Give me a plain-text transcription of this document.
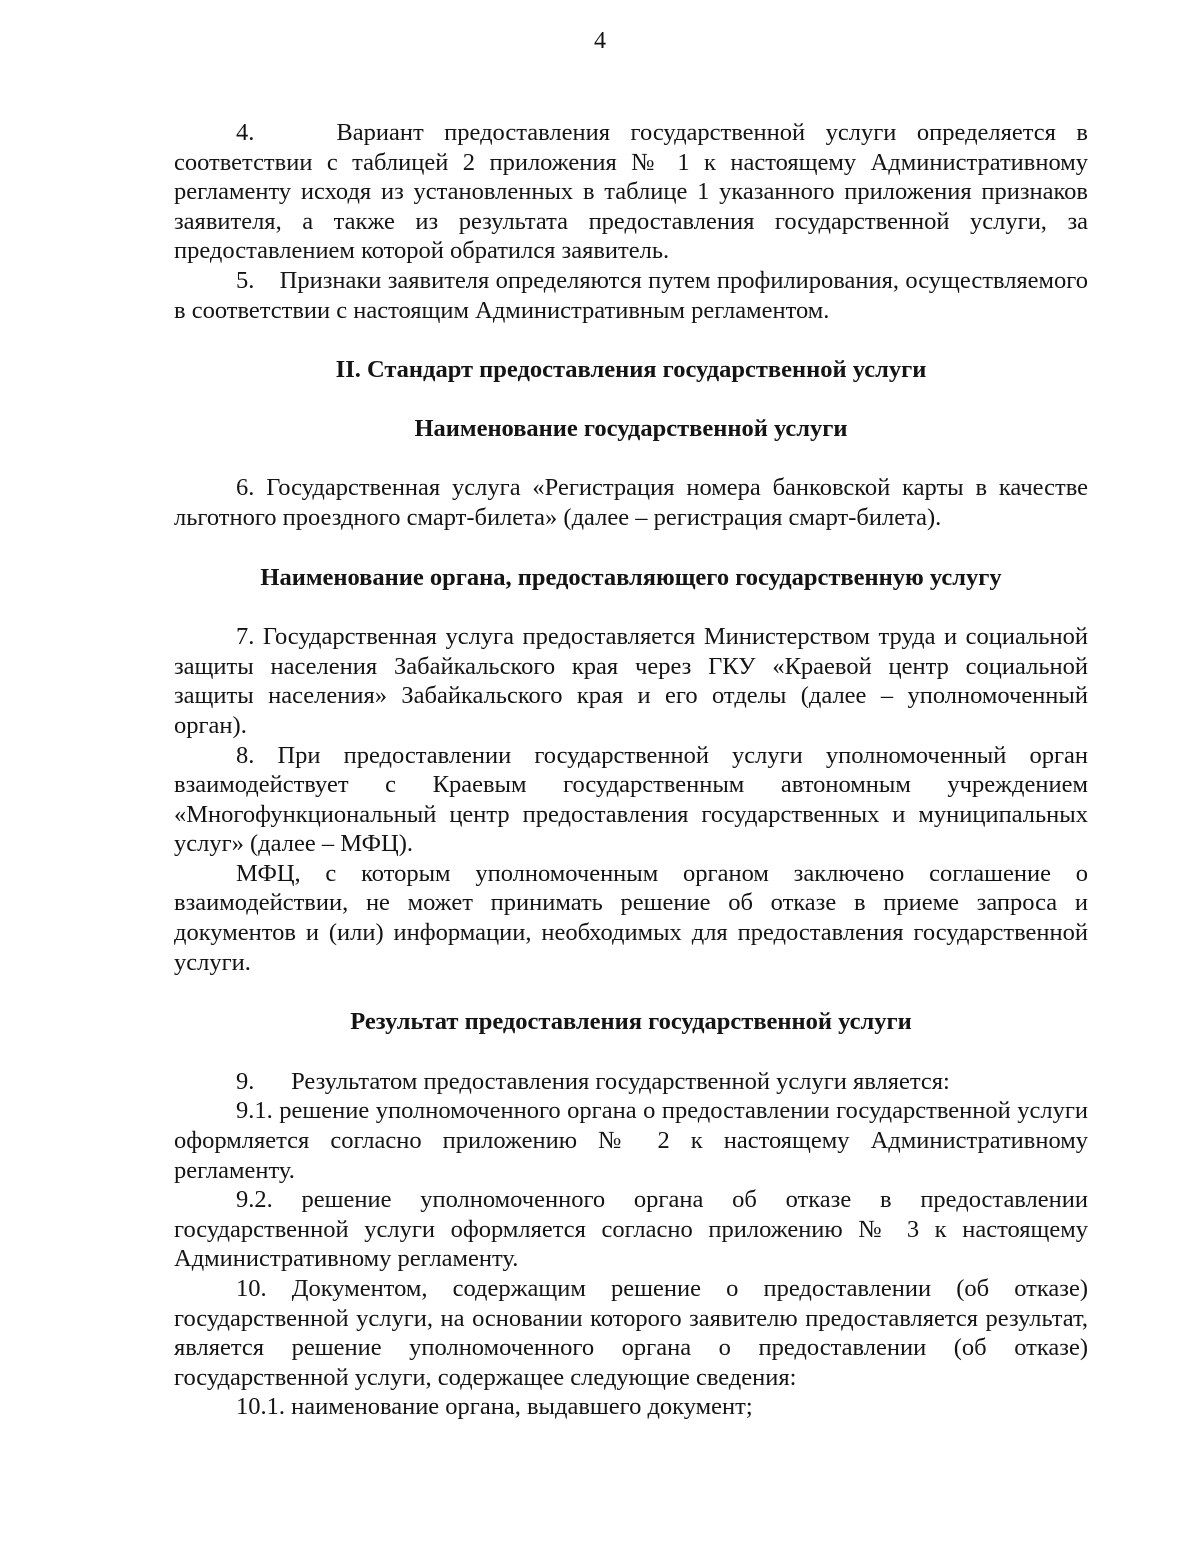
4

4.    Вариант предоставления государственной услуги определяется в соответствии с таблицей 2 приложения № 1 к настоящему Административному регламенту исходя из установленных в таблице 1 указанного приложения признаков заявителя, а также из результата предоставления государственной услуги, за предоставлением которой обратился заявитель.

5.    Признаки заявителя определяются путем профилирования, осуществляемого в соответствии с настоящим Административным регламентом.

II. Стандарт предоставления государственной услуги

Наименование государственной услуги

6. Государственная услуга «Регистрация номера банковской карты в качестве льготного проездного смарт-билета» (далее – регистрация смарт-билета).

Наименование органа, предоставляющего государственную услугу

7. Государственная услуга предоставляется Министерством труда и социальной защиты населения Забайкальского края через ГКУ «Краевой центр социальной защиты населения» Забайкальского края и его отделы (далее – уполномоченный орган).

8. При предоставлении государственной услуги уполномоченный орган взаимодействует с Краевым государственным автономным учреждением «Многофункциональный центр предоставления государственных и муниципальных услуг» (далее – МФЦ).

МФЦ, с которым уполномоченным органом заключено соглашение о взаимодействии, не может принимать решение об отказе в приеме запроса и документов и (или) информации, необходимых для предоставления государственной услуги.

Результат предоставления государственной услуги

9.      Результатом предоставления государственной услуги является:

9.1. решение уполномоченного органа о предоставлении государственной услуги оформляется согласно приложению № 2 к настоящему Административному регламенту.

9.2. решение уполномоченного органа об отказе в предоставлении государственной услуги оформляется согласно приложению № 3 к настоящему Административному регламенту.

10. Документом, содержащим решение о предоставлении (об отказе) государственной услуги, на основании которого заявителю предоставляется результат, является решение уполномоченного органа о предоставлении (об отказе) государственной услуги, содержащее следующие сведения:

10.1. наименование органа, выдавшего документ;
